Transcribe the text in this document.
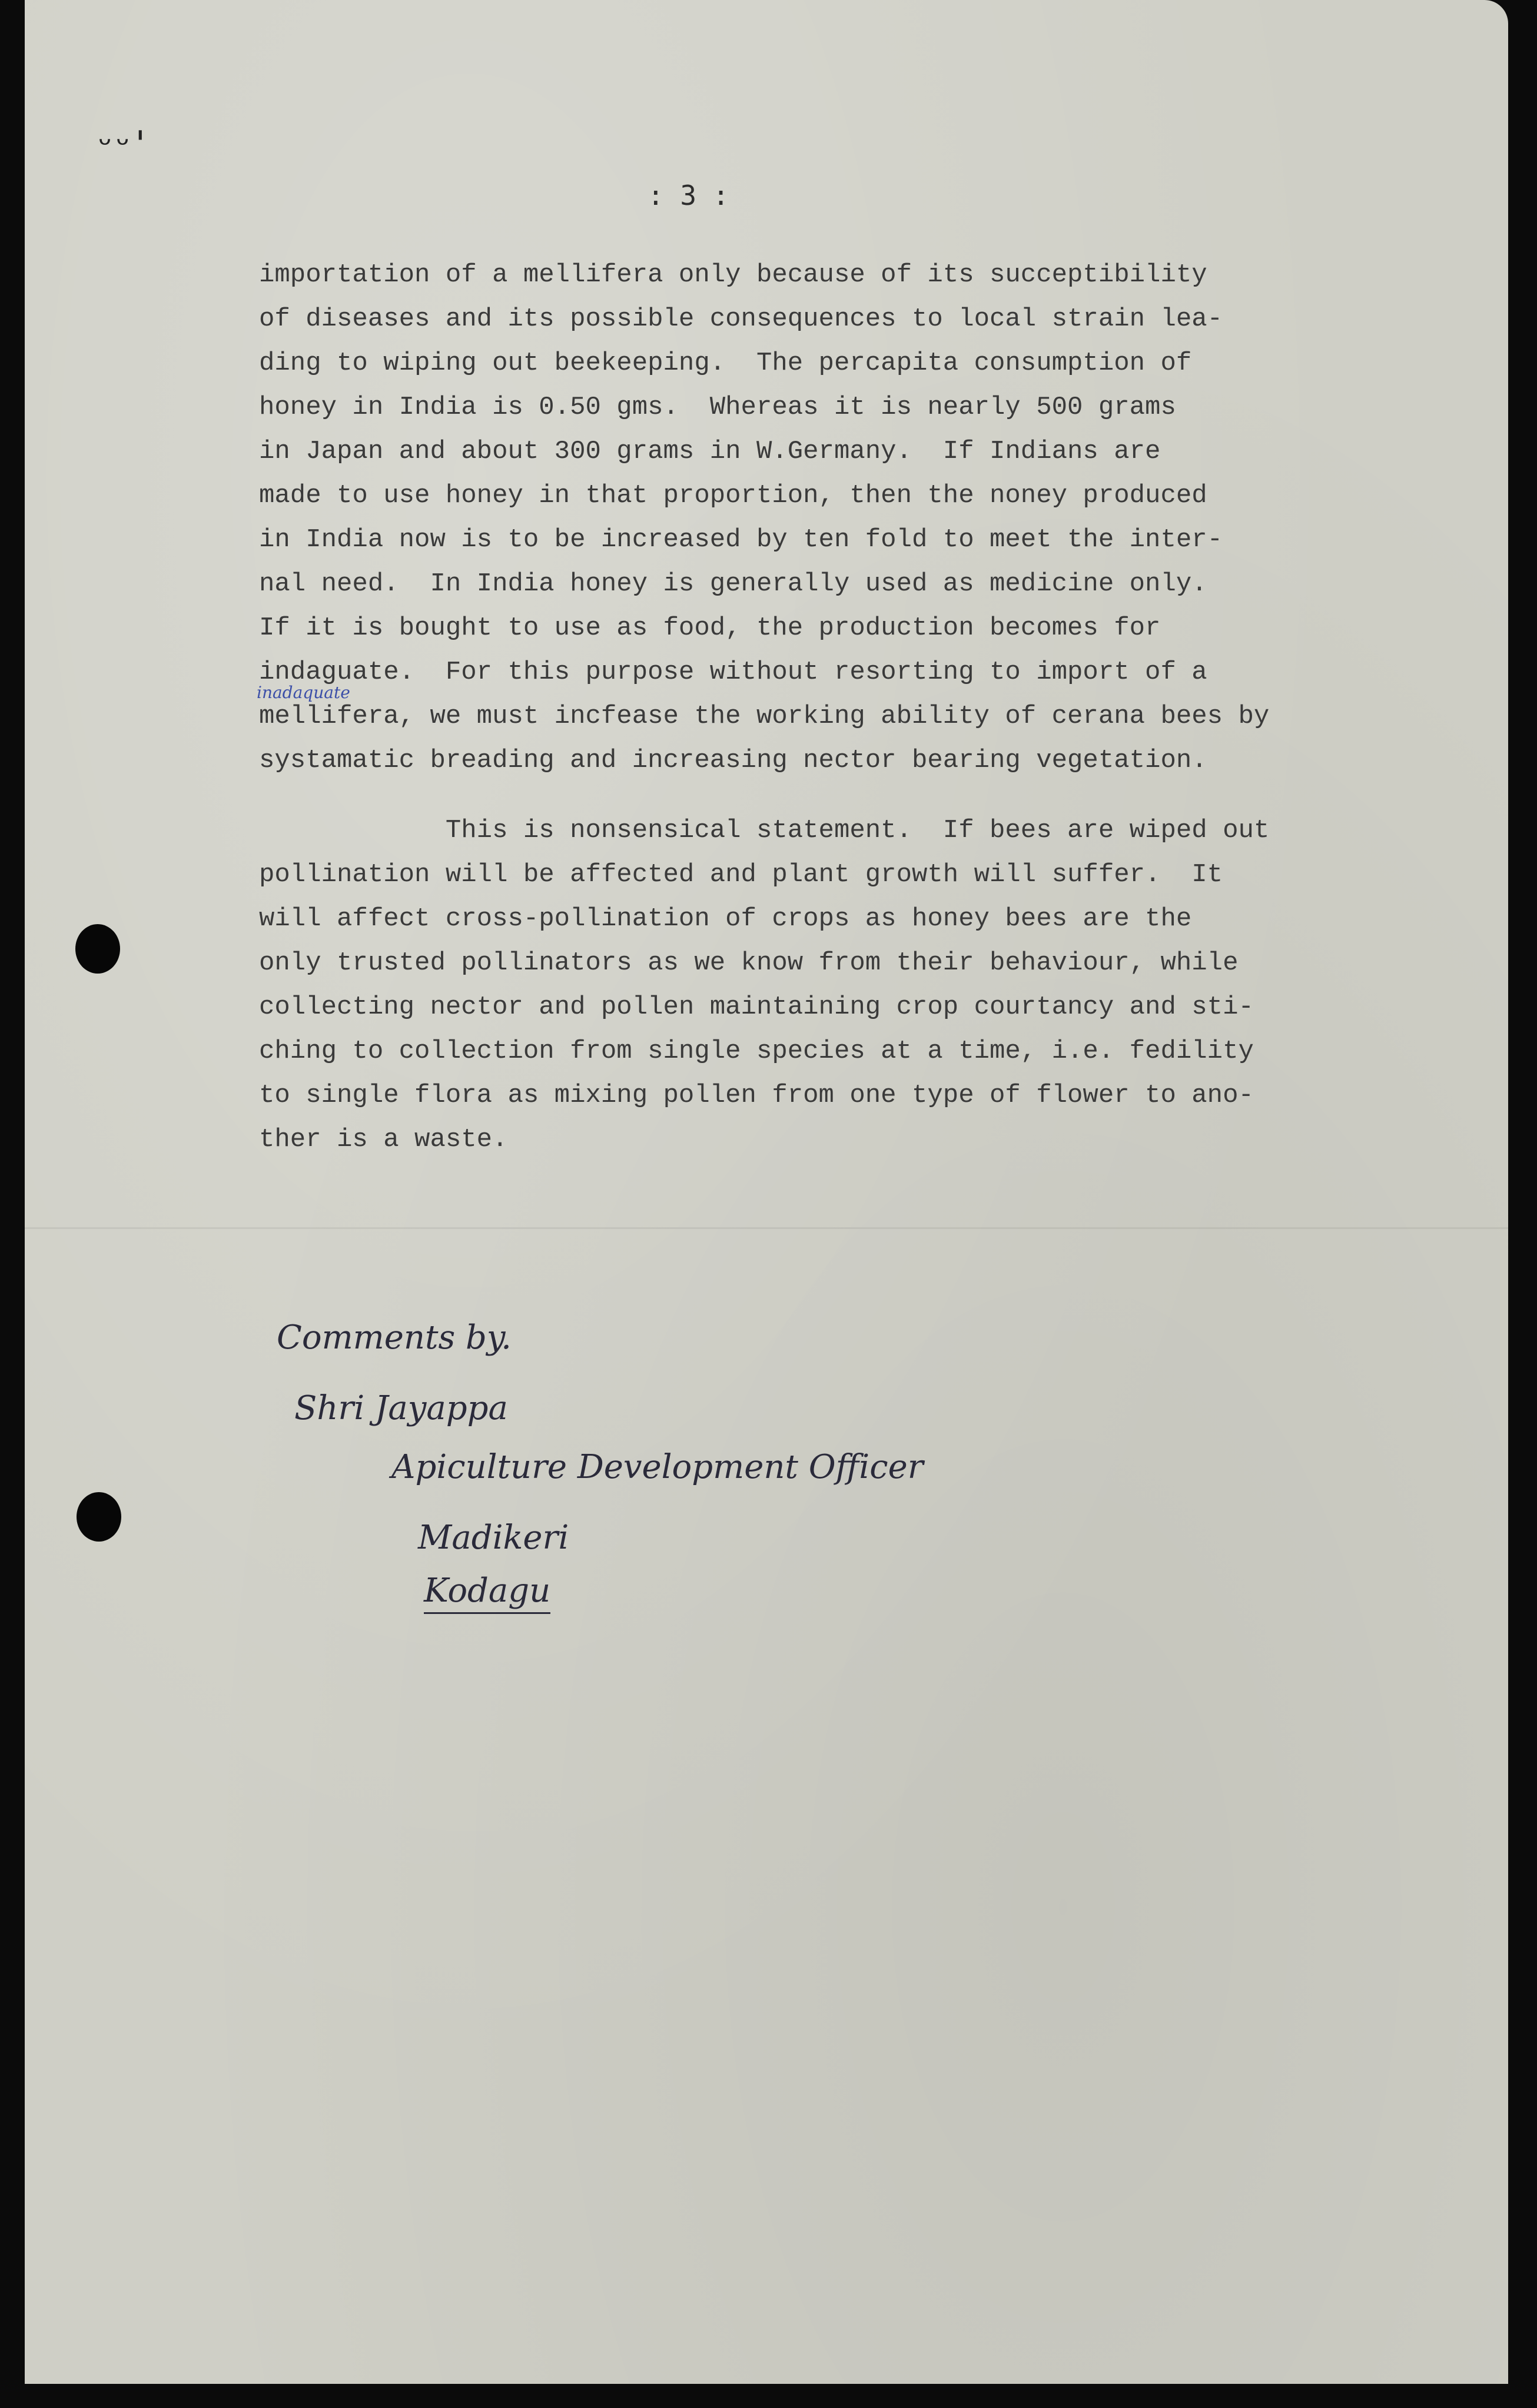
ᵕᵕ'
: 3 :
importation of a mellifera only because of its succeptibility
of diseases and its possible consequences to local strain lea-
ding to wiping out beekeeping.  The percapita consumption of
honey in India is 0.50 gms.  Whereas it is nearly 500 grams
in Japan and about 300 grams in W.Germany.  If Indians are
made to use honey in that proportion, then the noney produced
in India now is to be increased by ten fold to meet the inter-
nal need.  In India honey is generally used as medicine only.
If it is bought to use as food, the production becomes for
indaguate.  For this purpose without resorting to import of a
mellifera, we must incfease the working ability of cerana bees by
systamatic breading and increasing nector bearing vegetation.
This is nonsensical statement.  If bees are wiped out
pollination will be affected and plant growth will suffer.  It
will affect cross-pollination of crops as honey bees are the
only trusted pollinators as we know from their behaviour, while
collecting nector and pollen maintaining crop courtancy and sti-
ching to collection from single species at a time, i.e. fedility
to single flora as mixing pollen from one type of flower to ano-
ther is a waste.
inadaquate
Comments by.
Shri Jayappa
Apiculture Development Officer
Madikeri
Kodagu
